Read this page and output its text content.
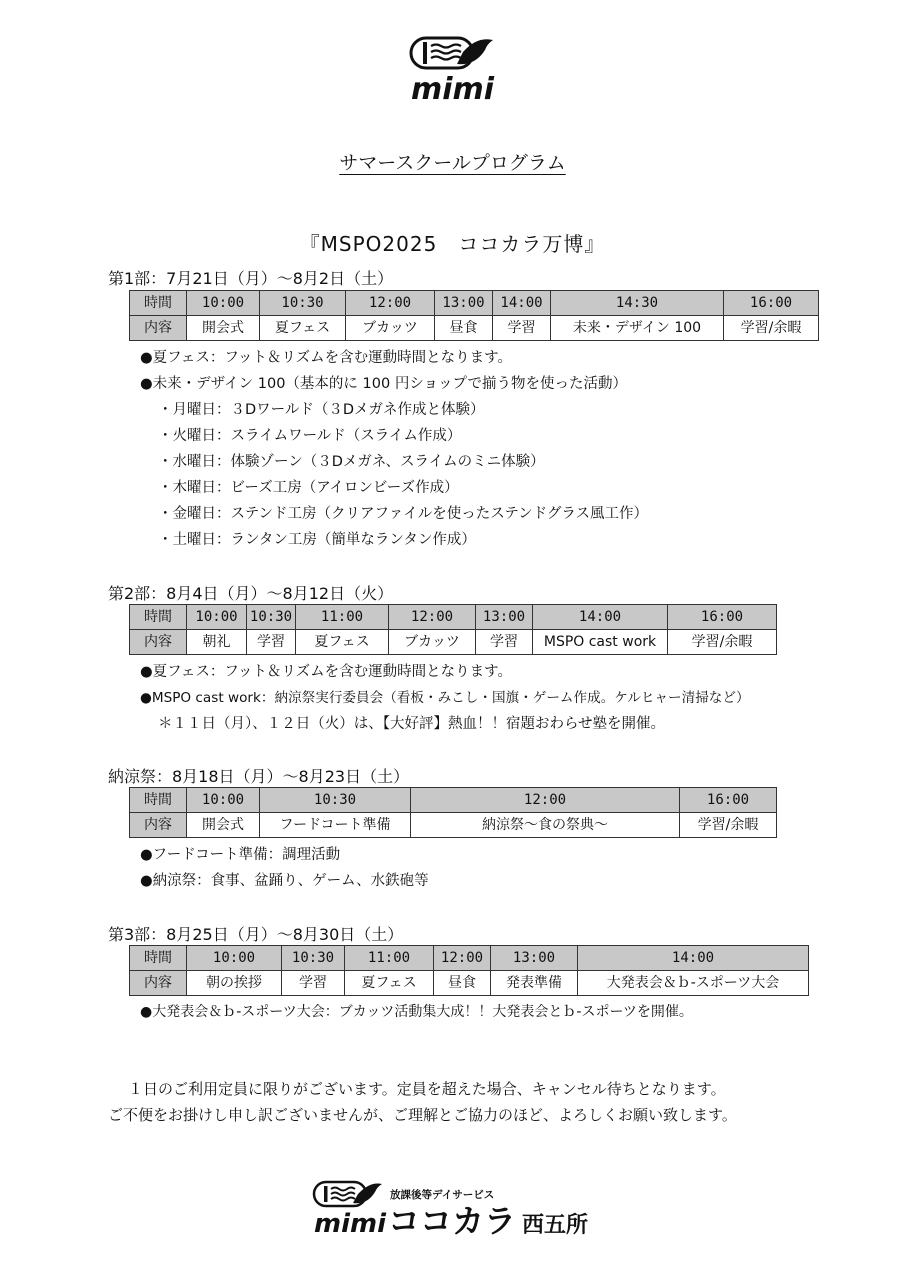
mimi
サマースクールプログラム
『MSPO2025　ココカラ万博』
第1部：7月21日（月）～8月2日（土）
時間	10:00	10:30	12:00	13:00	14:00	14:30	16:00
内容	開会式	夏フェス	ブカッツ	昼食	学習	未来・デザイン 100	学習/余暇
●夏フェス：フット＆リズムを含む運動時間となります。
●未来・デザイン 100（基本的に 100 円ショップで揃う物を使った活動）
・月曜日：３Dワールド（３Dメガネ作成と体験）
・火曜日：スライムワールド（スライム作成）
・水曜日：体験ゾーン（３Dメガネ、スライムのミニ体験）
・木曜日：ビーズ工房（アイロンビーズ作成）
・金曜日：ステンド工房（クリアファイルを使ったステンドグラス風工作）
・土曜日：ランタン工房（簡単なランタン作成）
第2部：8月4日（月）～8月12日（火）
時間	10:00	10:30	11:00	12:00	13:00	14:00	16:00
内容	朝礼	学習	夏フェス	ブカッツ	学習	MSPO cast work	学習/余暇
●夏フェス：フット＆リズムを含む運動時間となります。
●MSPO cast work：納涼祭実行委員会（看板・みこし・国旗・ゲーム作成。ケルヒャー清掃など）
＊１１日（月）、１２日（火）は、【大好評】熱血！！宿題おわらせ塾を開催。
納涼祭：8月18日（月）～8月23日（土）
時間	10:00	10:30	12:00	16:00
内容	開会式	フードコート準備	納涼祭～食の祭典～	学習/余暇
●フードコート準備：調理活動
●納涼祭：食事、盆踊り、ゲーム、水鉄砲等
第3部：8月25日（月）～8月30日（土）
時間	10:00	10:30	11:00	12:00	13:00	14:00
内容	朝の挨拶	学習	夏フェス	昼食	発表準備	大発表会＆ｂ-スポーツ大会
●大発表会＆ｂ-スポーツ大会：ブカッツ活動集大成！！大発表会とｂ-スポーツを開催。
１日のご利用定員に限りがございます。定員を超えた場合、キャンセル待ちとなります。
ご不便をお掛けし申し訳ございませんが、ご理解とご協力のほど、よろしくお願い致します。
mimi
放課後等デイサービス
ココカラ 西五所
